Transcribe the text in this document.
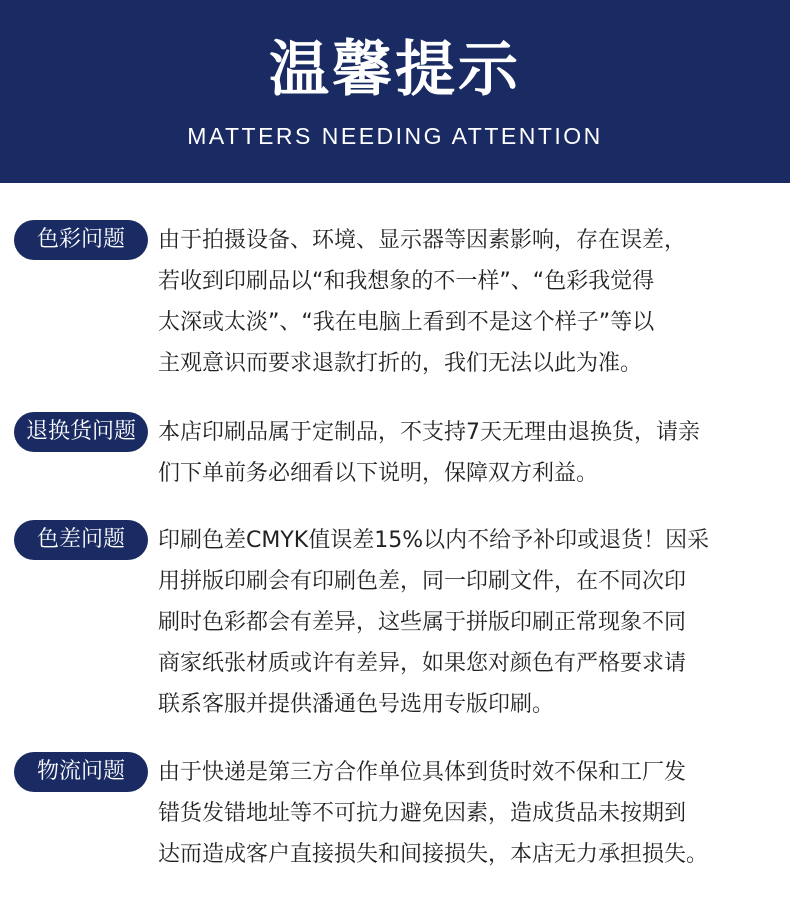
温馨提示
MATTERS NEEDING ATTENTION
色彩问题	由于拍摄设备、环境、显示器等因素影响，存在误差，
若收到印刷品以“和我想象的不一样”、“色彩我觉得
太深或太淡”、“我在电脑上看到不是这个样子”等以
主观意识而要求退款打折的，我们无法以此为准。

退换货问题	本店印刷品属于定制品，不支持7天无理由退换货，请亲
们下单前务必细看以下说明，保障双方利益。

色差问题	印刷色差CMYK值误差15%以内不给予补印或退货！因采
用拼版印刷会有印刷色差，同一印刷文件，在不同次印
刷时色彩都会有差异，这些属于拼版印刷正常现象不同
商家纸张材质或许有差异，如果您对颜色有严格要求请
联系客服并提供潘通色号选用专版印刷。

物流问题	由于快递是第三方合作单位具体到货时效不保和工厂发
错货发错地址等不可抗力避免因素，造成货品未按期到
达而造成客户直接损失和间接损失，本店无力承担损失。
